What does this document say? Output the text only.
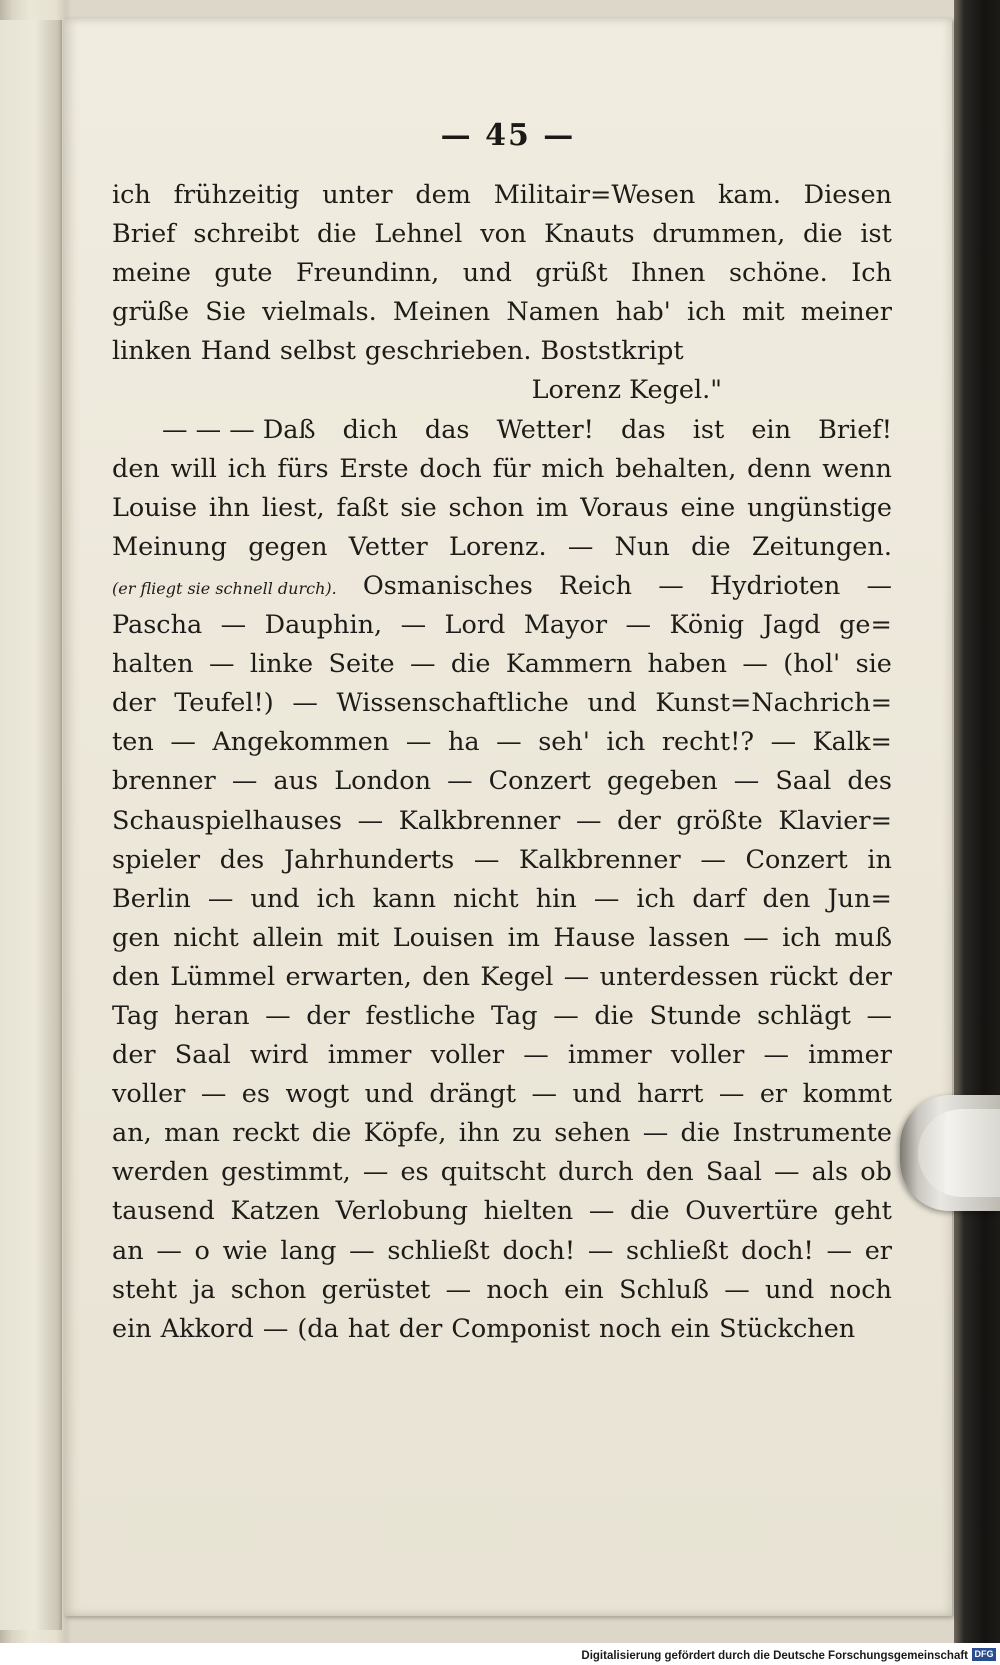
— 45 —
ich frühzeitig unter dem Militair=Wesen kam. Diesen
Brief schreibt die Lehnel von Knauts drummen, die ist
meine gute Freundinn, und grüßt Ihnen schöne. Ich
grüße Sie vielmals. Meinen Namen hab' ich mit meiner
linken Hand selbst geschrieben. Boststkript
Lorenz Kegel."
— — — Daß dich das Wetter! das ist ein Brief!
den will ich fürs Erste doch für mich behalten, denn wenn
Louise ihn liest, faßt sie schon im Voraus eine ungünstige
Meinung gegen Vetter Lorenz. — Nun die Zeitungen.
(er fliegt sie schnell durch). Osmanisches Reich — Hydrioten —
Pascha — Dauphin, — Lord Mayor — König Jagd ge=
halten — linke Seite — die Kammern haben — (hol' sie
der Teufel!) — Wissenschaftliche und Kunst=Nachrich=
ten — Angekommen — ha — seh' ich recht!? — Kalk=
brenner — aus London — Conzert gegeben — Saal des
Schauspielhauses — Kalkbrenner — der größte Klavier=
spieler des Jahrhunderts — Kalkbrenner — Conzert in
Berlin — und ich kann nicht hin — ich darf den Jun=
gen nicht allein mit Louisen im Hause lassen — ich muß
den Lümmel erwarten, den Kegel — unterdessen rückt der
Tag heran — der festliche Tag — die Stunde schlägt —
der Saal wird immer voller — immer voller — immer
voller — es wogt und drängt — und harrt — er kommt
an, man reckt die Köpfe, ihn zu sehen — die Instrumente
werden gestimmt, — es quitscht durch den Saal — als ob
tausend Katzen Verlobung hielten — die Ouvertüre geht
an — o wie lang — schließt doch! — schließt doch! — er
steht ja schon gerüstet — noch ein Schluß — und noch
ein Akkord — (da hat der Componist noch ein Stückchen
Digitalisierung gefördert durch die Deutsche Forschungsgemeinschaft DFG
